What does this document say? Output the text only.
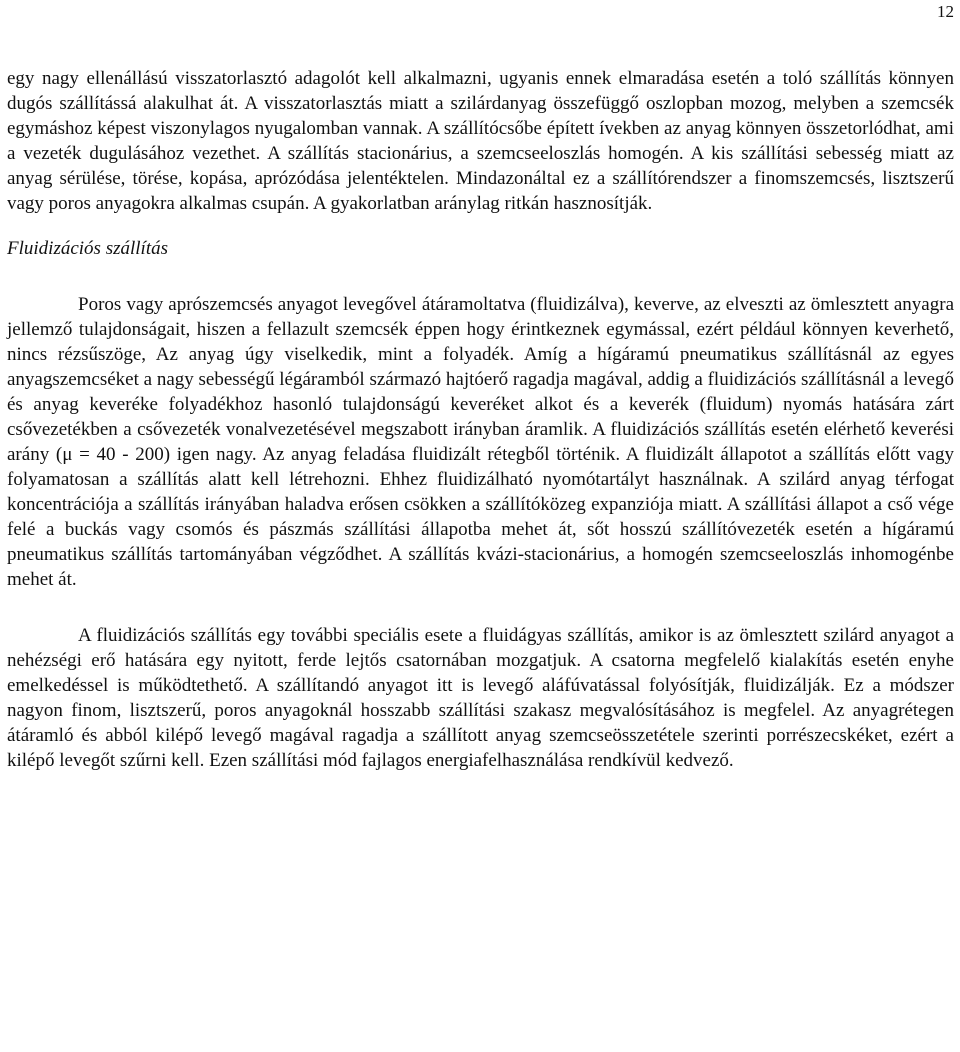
12

egy nagy ellenállású visszatorlasztó adagolót kell alkalmazni, ugyanis ennek elmaradása esetén a toló szállítás könnyen dugós szállítássá alakulhat át. A visszatorlasztás miatt a szilárdanyag összefüggő oszlopban mozog, melyben a szemcsék egymáshoz képest viszonylagos nyugalomban vannak. A szállítócsőbe épített ívekben az anyag könnyen összetorlódhat, ami a vezeték dugulásához vezethet. A szállítás stacionárius, a szemcseeloszlás homogén. A kis szállítási sebesség miatt az anyag sérülése, törése, kopása, aprózódása jelentéktelen. Mindazonáltal ez a szállítórendszer a finomszemcsés, lisztszerű vagy poros anyagokra alkalmas csupán. A gyakorlatban aránylag ritkán hasznosítják.

Fluidizációs szállítás

Poros vagy aprószemcsés anyagot levegővel átáramoltatva (fluidizálva), keverve, az elveszti az ömlesztett anyagra jellemző tulajdonságait, hiszen a fellazult szemcsék éppen hogy érintkeznek egymással, ezért például könnyen keverhető, nincs rézsűszöge, Az anyag úgy viselkedik, mint a folyadék. Amíg a hígáramú pneumatikus szállításnál az egyes anyagszemcséket a nagy sebességű légáramból származó hajtóerő ragadja magával, addig a fluidizációs szállításnál a levegő és anyag keveréke folyadékhoz hasonló tulajdonságú keveréket alkot és a keverék (fluidum) nyomás hatására zárt csővezetékben a csővezeték vonalvezetésével megszabott irányban áramlik. A fluidizációs szállítás esetén elérhető keverési arány (μ = 40 - 200) igen nagy. Az anyag feladása fluidizált rétegből történik. A fluidizált állapotot a szállítás előtt vagy folyamatosan a szállítás alatt kell létrehozni. Ehhez fluidizálható nyomótartályt használnak. A szilárd anyag térfogat koncentrációja a szállítás irányában haladva erősen csökken a szállítóközeg expanziója miatt. A szállítási állapot a cső vége felé a buckás vagy csomós és pászmás szállítási állapotba mehet át, sőt hosszú szállítóvezeték esetén a hígáramú pneumatikus szállítás tartományában végződhet. A szállítás kvázi-stacionárius, a homogén szemcseeloszlás inhomogénbe mehet át.

A fluidizációs szállítás egy további speciális esete a fluidágyas szállítás, amikor is az ömlesztett szilárd anyagot a nehézségi erő hatására egy nyitott, ferde lejtős csatornában mozgatjuk. A csatorna megfelelő kialakítás esetén enyhe emelkedéssel is működtethető. A szállítandó anyagot itt is levegő aláfúvatással folyósítják, fluidizálják. Ez a módszer nagyon finom, lisztszerű, poros anyagoknál hosszabb szállítási szakasz megvalósításához is megfelel. Az anyagrétegen átáramló és abból kilépő levegő magával ragadja a szállított anyag szemcseösszetétele szerinti porrészecskéket, ezért a kilépő levegőt szűrni kell. Ezen szállítási mód fajlagos energiafelhasználása rendkívül kedvező.
